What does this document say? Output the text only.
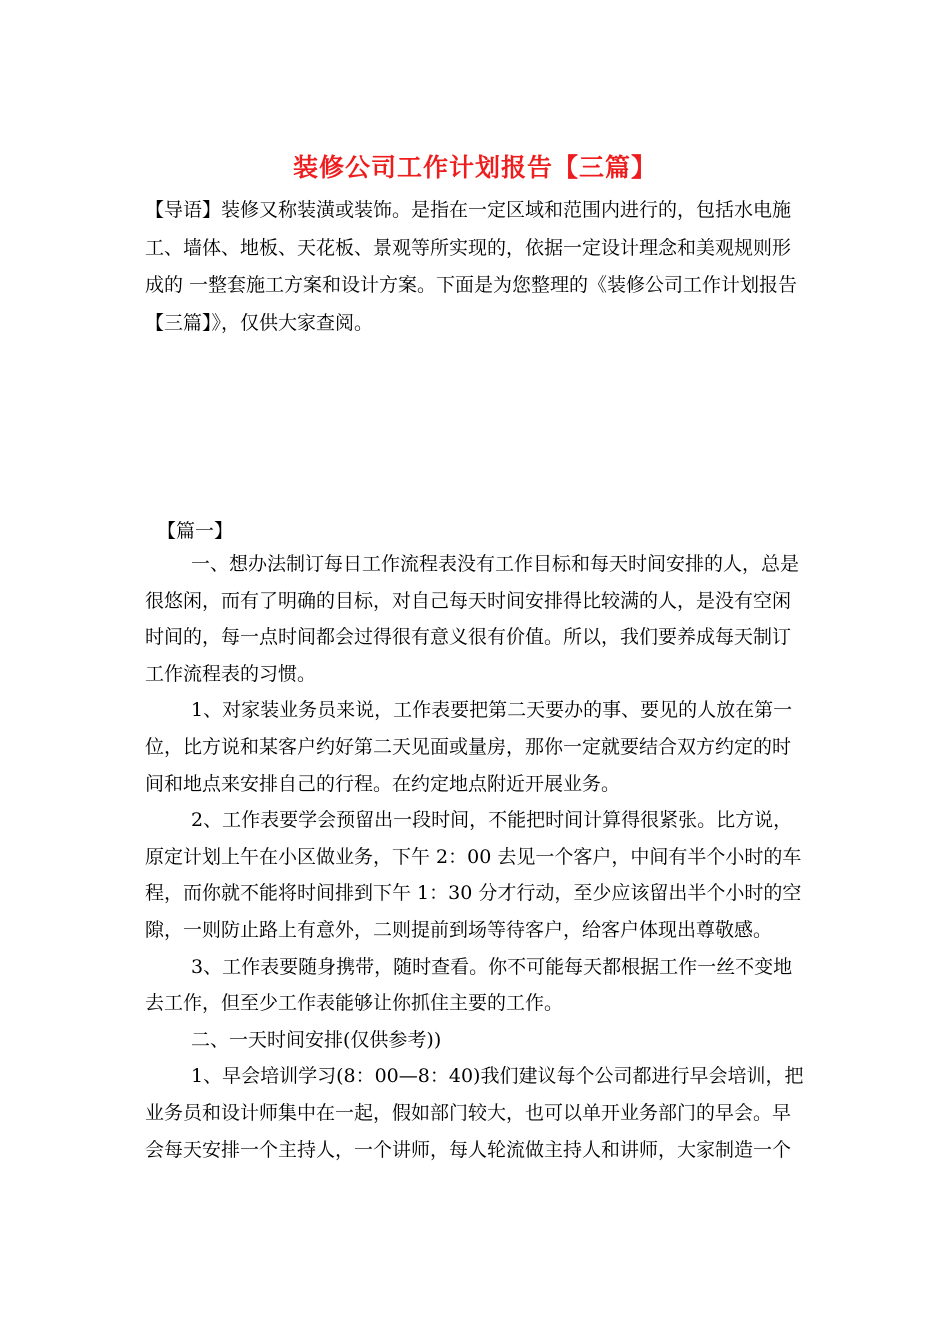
装修公司工作计划报告【三篇】
【导语】装修又称装潢或装饰。是指在一定区域和范围内进行的，包括水电施
工、墙体、地板、天花板、景观等所实现的，依据一定设计理念和美观规则形
成的 一整套施工方案和设计方案。下面是为您整理的《装修公司工作计划报告
【三篇】》，仅供大家查阅。
【篇一】
一、想办法制订每日工作流程表没有工作目标和每天时间安排的人，总是
很悠闲，而有了明确的目标，对自己每天时间安排得比较满的人，是没有空闲
时间的，每一点时间都会过得很有意义很有价值。所以，我们要养成每天制订
工作流程表的习惯。
1、对家装业务员来说，工作表要把第二天要办的事、要见的人放在第一
位，比方说和某客户约好第二天见面或量房，那你一定就要结合双方约定的时
间和地点来安排自己的行程。在约定地点附近开展业务。
2、工作表要学会预留出一段时间，不能把时间计算得很紧张。比方说，
原定计划上午在小区做业务，下午 2：00 去见一个客户，中间有半个小时的车
程，而你就不能将时间排到下午 1：30 分才行动，至少应该留出半个小时的空
隙，一则防止路上有意外，二则提前到场等待客户，给客户体现出尊敬感。
3、工作表要随身携带，随时查看。你不可能每天都根据工作一丝不变地
去工作，但至少工作表能够让你抓住主要的工作。
二、一天时间安排(仅供参考))
1、早会培训学习(8：00—8：40)我们建议每个公司都进行早会培训，把
业务员和设计师集中在一起，假如部门较大，也可以单开业务部门的早会。早
会每天安排一个主持人，一个讲师，每人轮流做主持人和讲师，大家制造一个
